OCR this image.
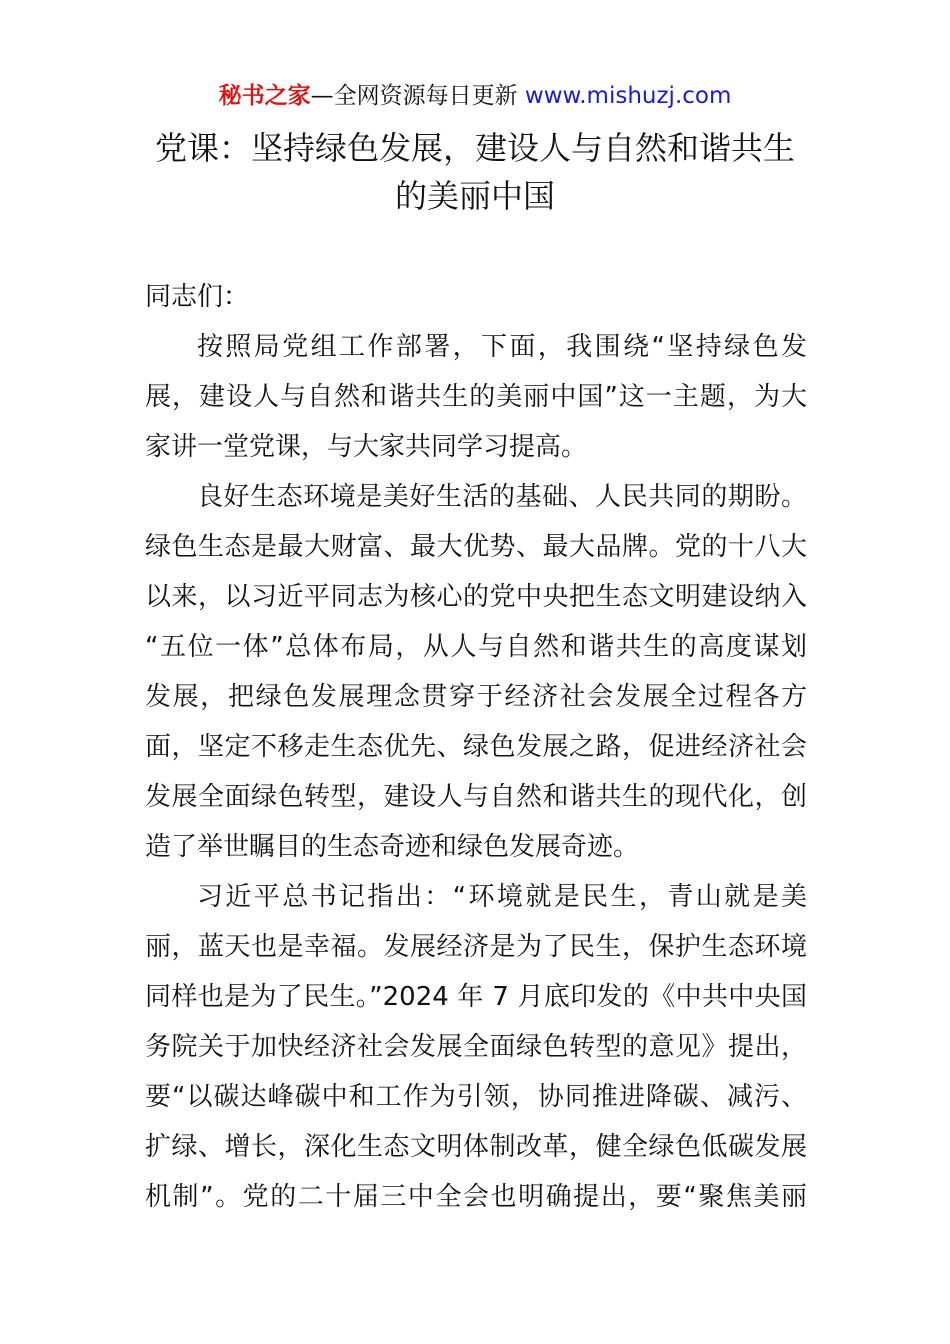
秘书之家—全网资源每日更新 www.mishuzj.com
党课：坚持绿色发展，建设人与自然和谐共生
的美丽中国
同志们：
按照局党组工作部署，下面，我围绕“坚持绿色发
展，建设人与自然和谐共生的美丽中国”这一主题，为大
家讲一堂党课，与大家共同学习提高。
良好生态环境是美好生活的基础、人民共同的期盼。
绿色生态是最大财富、最大优势、最大品牌。党的十八大
以来，以习近平同志为核心的党中央把生态文明建设纳入
“五位一体”总体布局，从人与自然和谐共生的高度谋划
发展，把绿色发展理念贯穿于经济社会发展全过程各方
面，坚定不移走生态优先、绿色发展之路，促进经济社会
发展全面绿色转型，建设人与自然和谐共生的现代化，创
造了举世瞩目的生态奇迹和绿色发展奇迹。
习近平总书记指出：“环境就是民生，青山就是美
丽，蓝天也是幸福。发展经济是为了民生，保护生态环境
同样也是为了民生。”2024 年 7 月底印发的《中共中央国
务院关于加快经济社会发展全面绿色转型的意见》提出，
要“以碳达峰碳中和工作为引领，协同推进降碳、减污、
扩绿、增长，深化生态文明体制改革，健全绿色低碳发展
机制”。党的二十届三中全会也明确提出，要“聚焦美丽
